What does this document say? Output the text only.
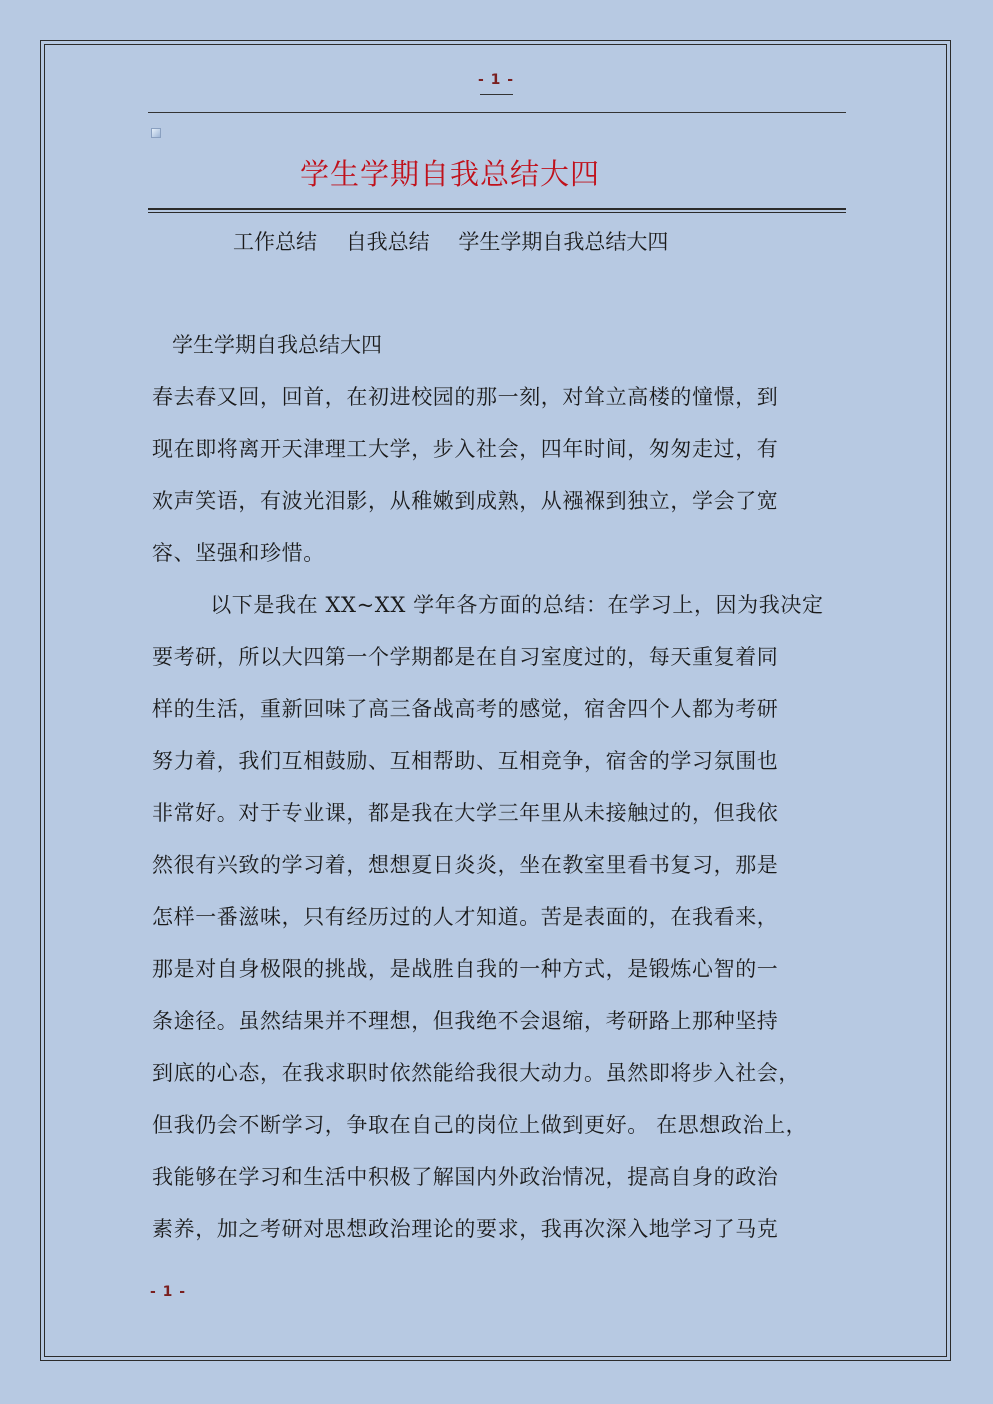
- 1 -
学生学期自我总结大四
工作总结 自我总结 学生学期自我总结大四
学生学期自我总结大四
春去春又回，回首，在初进校园的那一刻，对耸立高楼的憧憬，到
现在即将离开天津理工大学，步入社会，四年时间，匆匆走过，有
欢声笑语，有波光泪影，从稚嫩到成熟，从襁褓到独立，学会了宽
容、坚强和珍惜。
以下是我在 XX~XX 学年各方面的总结：在学习上，因为我决定
要考研，所以大四第一个学期都是在自习室度过的，每天重复着同
样的生活，重新回味了高三备战高考的感觉，宿舍四个人都为考研
努力着，我们互相鼓励、互相帮助、互相竞争，宿舍的学习氛围也
非常好。对于专业课，都是我在大学三年里从未接触过的，但我依
然很有兴致的学习着，想想夏日炎炎，坐在教室里看书复习，那是
怎样一番滋味，只有经历过的人才知道。苦是表面的，在我看来，
那是对自身极限的挑战，是战胜自我的一种方式，是锻炼心智的一
条途径。虽然结果并不理想，但我绝不会退缩，考研路上那种坚持
到底的心态，在我求职时依然能给我很大动力。虽然即将步入社会，
但我仍会不断学习，争取在自己的岗位上做到更好。 在思想政治上，
我能够在学习和生活中积极了解国内外政治情况，提高自身的政治
素养，加之考研对思想政治理论的要求，我再次深入地学习了马克
- 1 -
